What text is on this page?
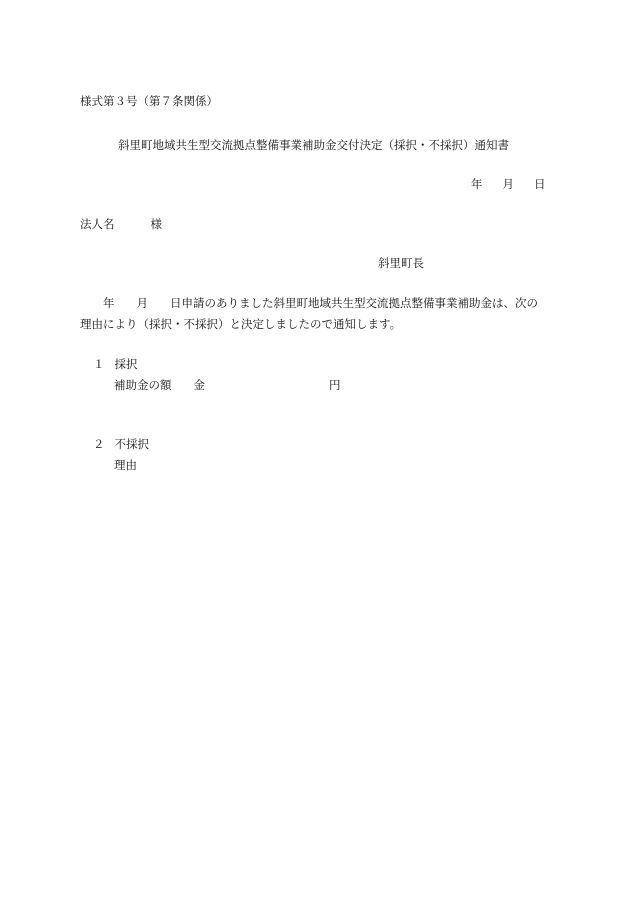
様式第３号（第７条関係）
斜里町地域共生型交流拠点整備事業補助金交付決定（採択・不採択）通知書
年 月 日
法人名	様
斜里町長
年 月 日申請のありました斜里町地域共生型交流拠点整備事業補助金は、次の
理由により（採択・不採択）と決定しましたので通知します。
１ 採択
補助金の額 金	円
２ 不採択
理由
